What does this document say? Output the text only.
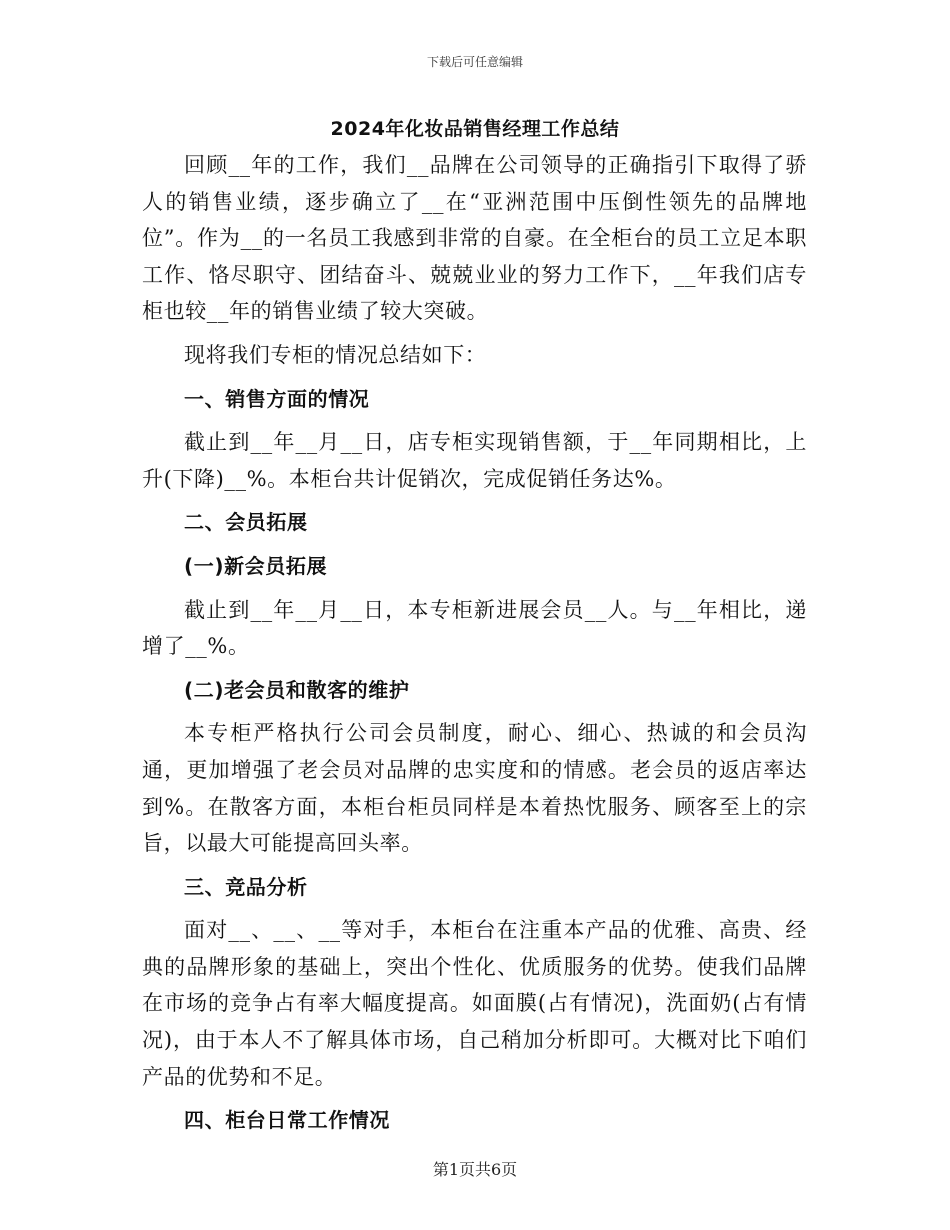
下载后可任意编辑
2024年化妆品销售经理工作总结

回顾__年的工作，我们__品牌在公司领导的正确指引下取得了骄人的销售业绩，逐步确立了__在“亚洲范围中压倒性领先的品牌地位”。作为__的一名员工我感到非常的自豪。在全柜台的员工立足本职工作、恪尽职守、团结奋斗、兢兢业业的努力工作下，__年我们店专柜也较__年的销售业绩了较大突破。

现将我们专柜的情况总结如下：

一、销售方面的情况

截止到__年__月__日，店专柜实现销售额，于__年同期相比，上升(下降)__%。本柜台共计促销次，完成促销任务达%。

二、会员拓展

(一)新会员拓展

截止到__年__月__日，本专柜新进展会员__人。与__年相比，递增了__%。

(二)老会员和散客的维护

本专柜严格执行公司会员制度，耐心、细心、热诚的和会员沟通，更加增强了老会员对品牌的忠实度和的情感。老会员的返店率达到%。在散客方面，本柜台柜员同样是本着热忱服务、顾客至上的宗旨，以最大可能提高回头率。

三、竞品分析

面对__、__、__等对手，本柜台在注重本产品的优雅、高贵、经典的品牌形象的基础上，突出个性化、优质服务的优势。使我们品牌在市场的竞争占有率大幅度提高。如面膜(占有情况)，洗面奶(占有情况)，由于本人不了解具体市场，自己稍加分析即可。大概对比下咱们产品的优势和不足。

四、柜台日常工作情况

第1页共6页
